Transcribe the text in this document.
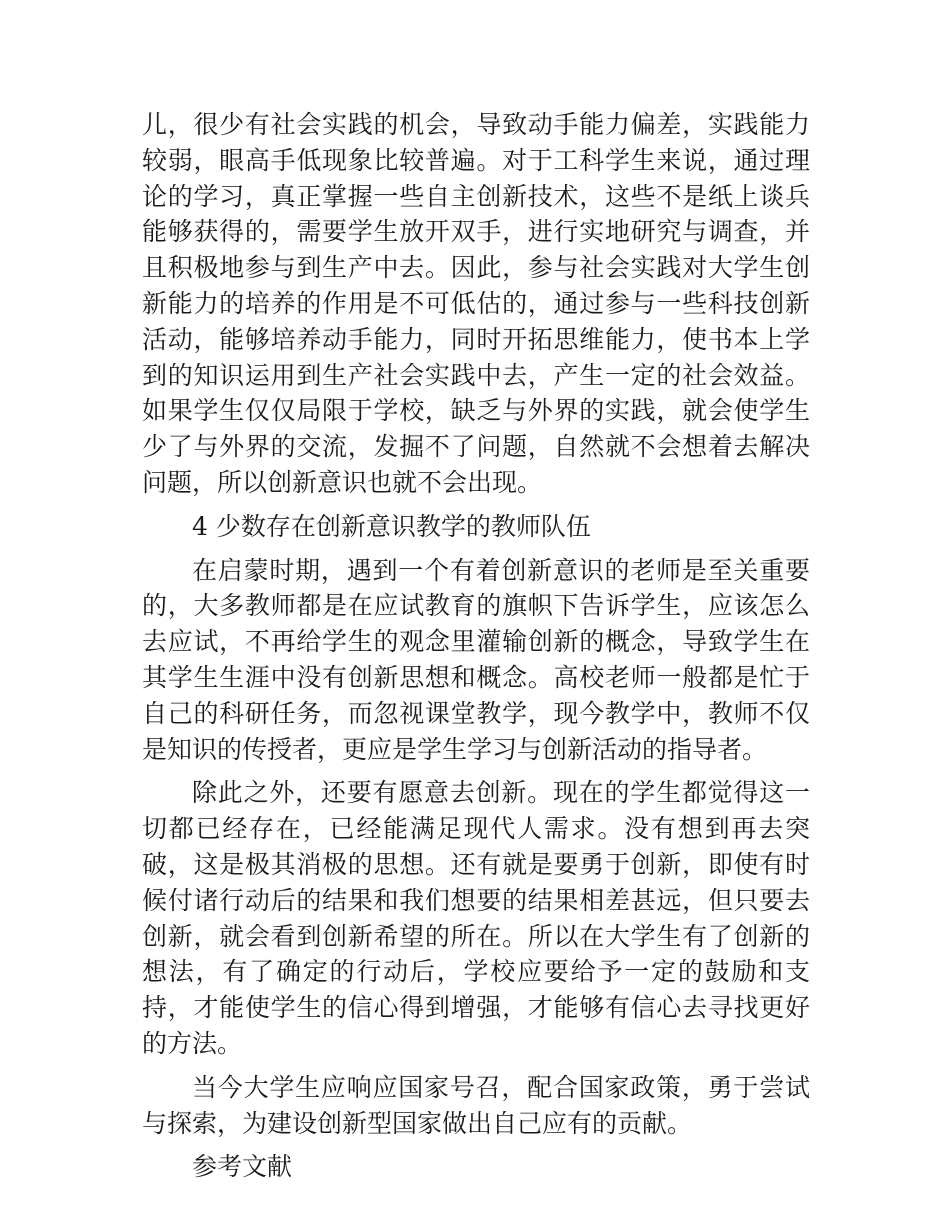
儿，很少有社会实践的机会，导致动手能力偏差，实践能力较弱，眼高手低现象比较普遍。对于工科学生来说，通过理论的学习，真正掌握一些自主创新技术，这些不是纸上谈兵能够获得的，需要学生放开双手，进行实地研究与调查，并且积极地参与到生产中去。因此，参与社会实践对大学生创新能力的培养的作用是不可低估的，通过参与一些科技创新活动，能够培养动手能力，同时开拓思维能力，使书本上学到的知识运用到生产社会实践中去，产生一定的社会效益。如果学生仅仅局限于学校，缺乏与外界的实践，就会使学生少了与外界的交流，发掘不了问题，自然就不会想着去解决问题，所以创新意识也就不会出现。

4 少数存在创新意识教学的教师队伍

在启蒙时期，遇到一个有着创新意识的老师是至关重要的，大多教师都是在应试教育的旗帜下告诉学生，应该怎么去应试，不再给学生的观念里灌输创新的概念，导致学生在其学生生涯中没有创新思想和概念。高校老师一般都是忙于自己的科研任务，而忽视课堂教学，现今教学中，教师不仅是知识的传授者，更应是学生学习与创新活动的指导者。

除此之外，还要有愿意去创新。现在的学生都觉得这一切都已经存在，已经能满足现代人需求。没有想到再去突破，这是极其消极的思想。还有就是要勇于创新，即使有时候付诸行动后的结果和我们想要的结果相差甚远，但只要去创新，就会看到创新希望的所在。所以在大学生有了创新的想法，有了确定的行动后，学校应要给予一定的鼓励和支持，才能使学生的信心得到增强，才能够有信心去寻找更好的方法。

当今大学生应响应国家号召，配合国家政策，勇于尝试与探索，为建设创新型国家做出自己应有的贡献。

参考文献
